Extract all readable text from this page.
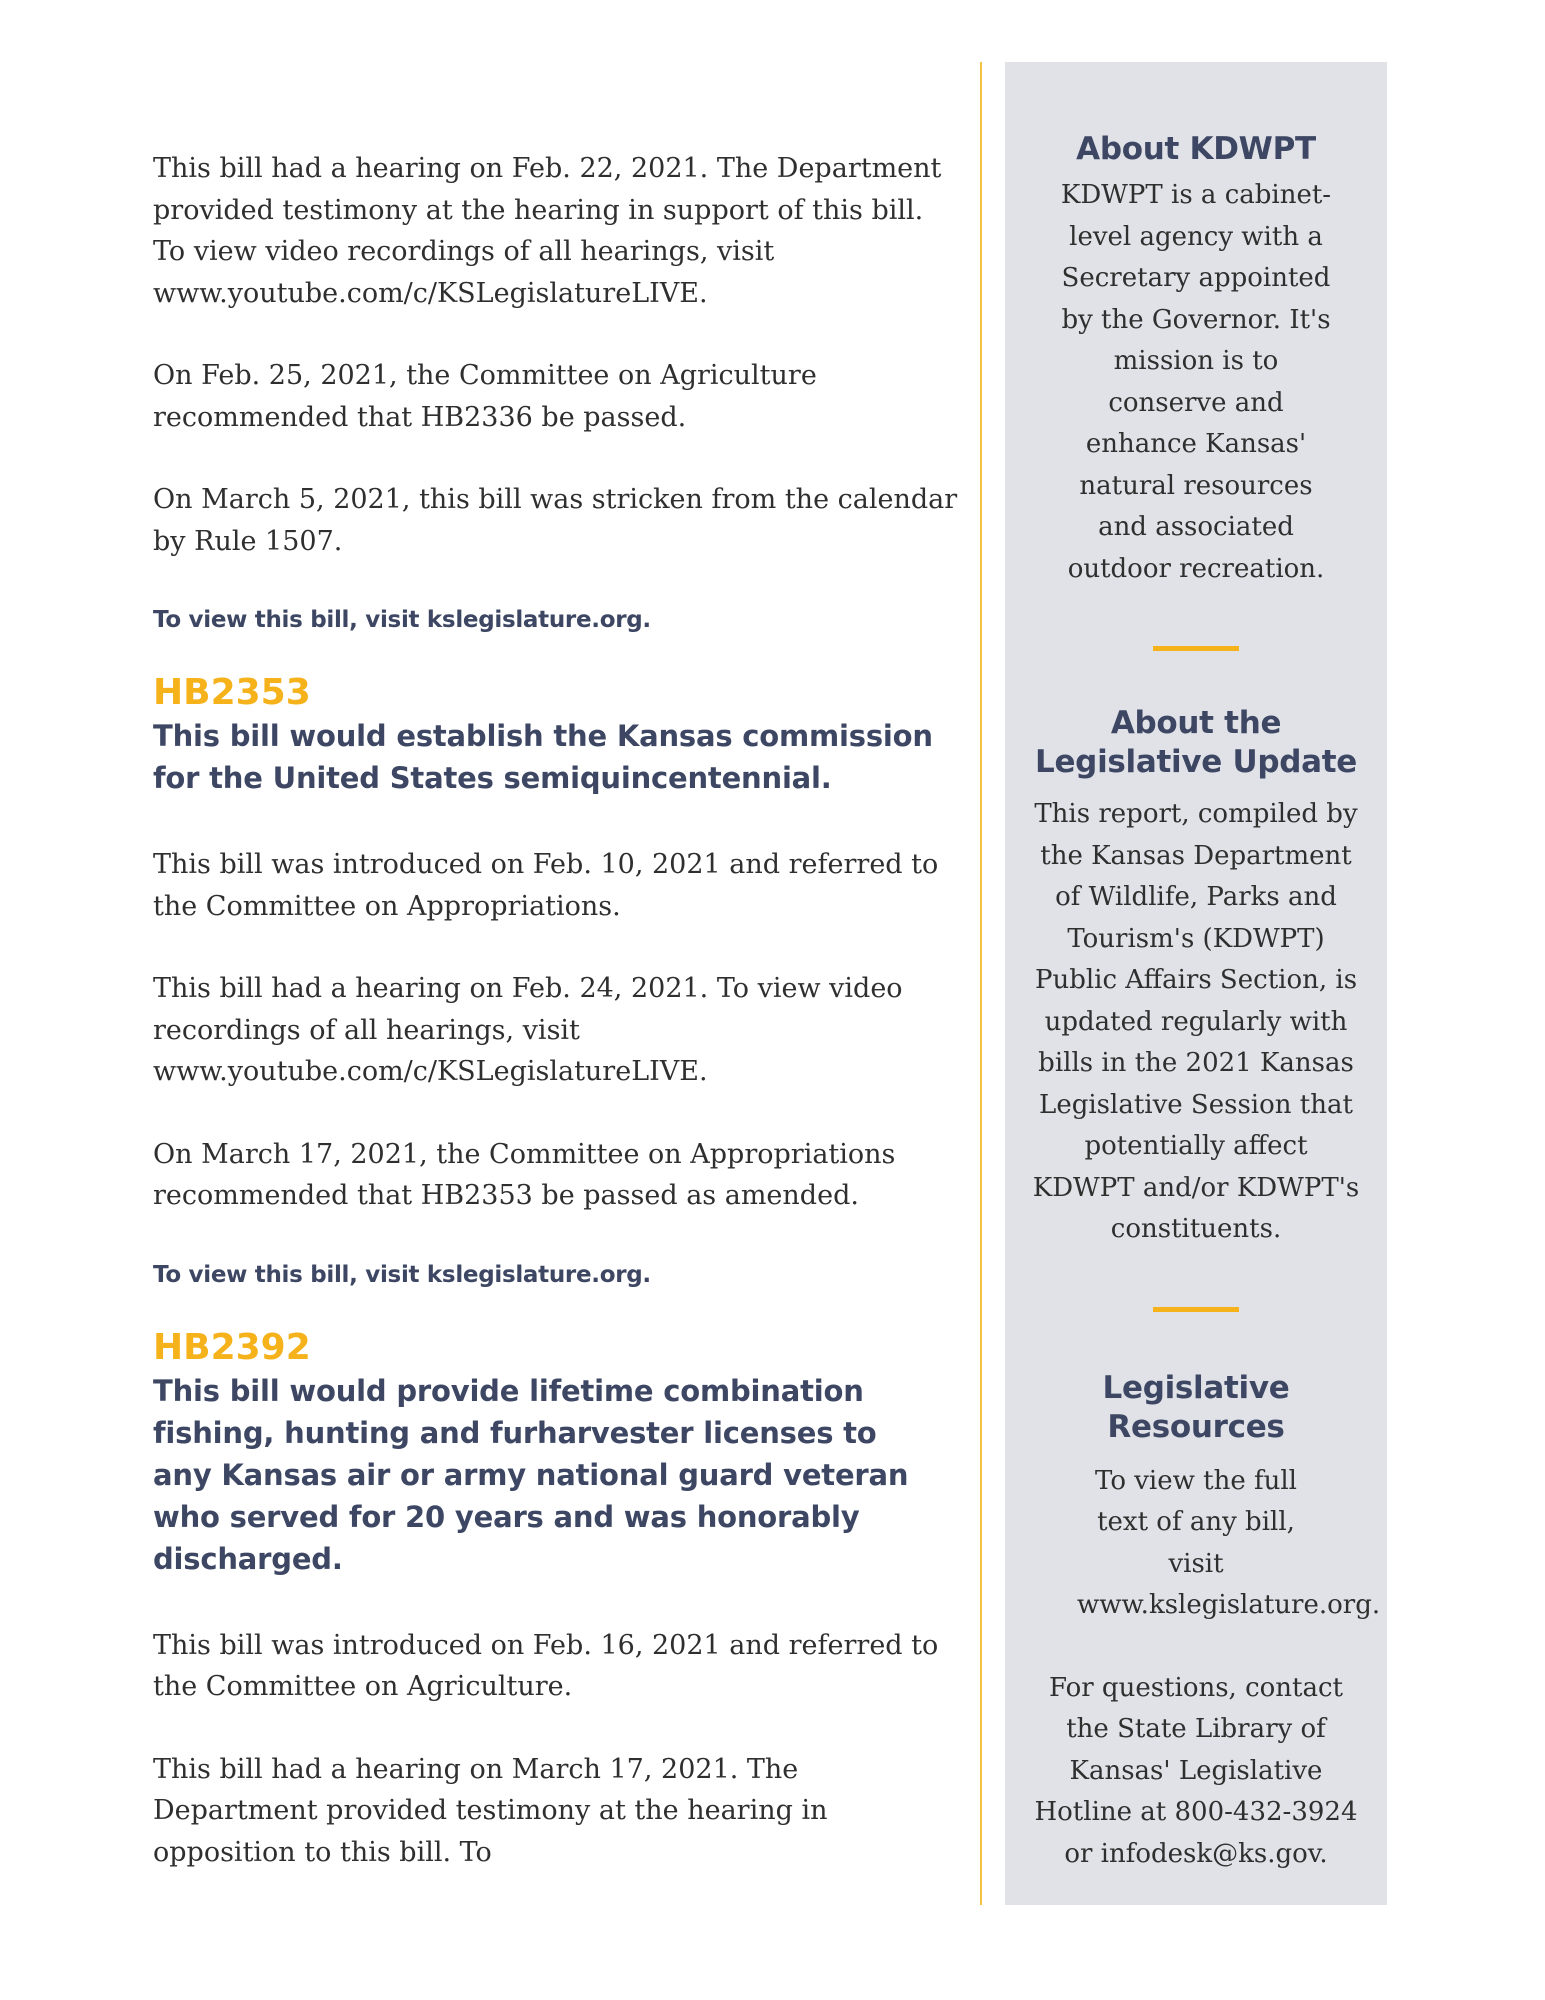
This bill had a hearing on Feb. 22, 2021. The Department provided testimony at the hearing in support of this bill. To view video recordings of all hearings, visit www.youtube.com/c/KSLegislatureLIVE.

On Feb. 25, 2021, the Committee on Agriculture recommended that HB2336 be passed.

On March 5, 2021, this bill was stricken from the calendar by Rule 1507.

To view this bill, visit kslegislature.org.

HB2353

This bill would establish the Kansas commission for the United States semiquincentennial.

This bill was introduced on Feb. 10, 2021 and referred to the Committee on Appropriations.

This bill had a hearing on Feb. 24, 2021. To view video recordings of all hearings, visit www.youtube.com/c/KSLegislatureLIVE.

On March 17, 2021, the Committee on Appropriations recommended that HB2353 be passed as amended.

To view this bill, visit kslegislature.org.

HB2392

This bill would provide lifetime combination fishing, hunting and furharvester licenses to any Kansas air or army national guard veteran who served for 20 years and was honorably discharged.

This bill was introduced on Feb. 16, 2021 and referred to the Committee on Agriculture.

This bill had a hearing on March 17, 2021. The Department provided testimony at the hearing in opposition to this bill. To

About KDWPT

KDWPT is a cabinet-level agency with a Secretary appointed by the Governor. It's mission is to conserve and enhance Kansas' natural resources and associated outdoor recreation.

About the Legislative Update

This report, compiled by the Kansas Department of Wildlife, Parks and Tourism's (KDWPT) Public Affairs Section, is updated regularly with bills in the 2021 Kansas Legislative Session that potentially affect KDWPT and/or KDWPT's constituents.

Legislative Resources

To view the full text of any bill, visit www.kslegislature.org.

For questions, contact the State Library of Kansas' Legislative Hotline at 800-432-3924 or infodesk@ks.gov.
